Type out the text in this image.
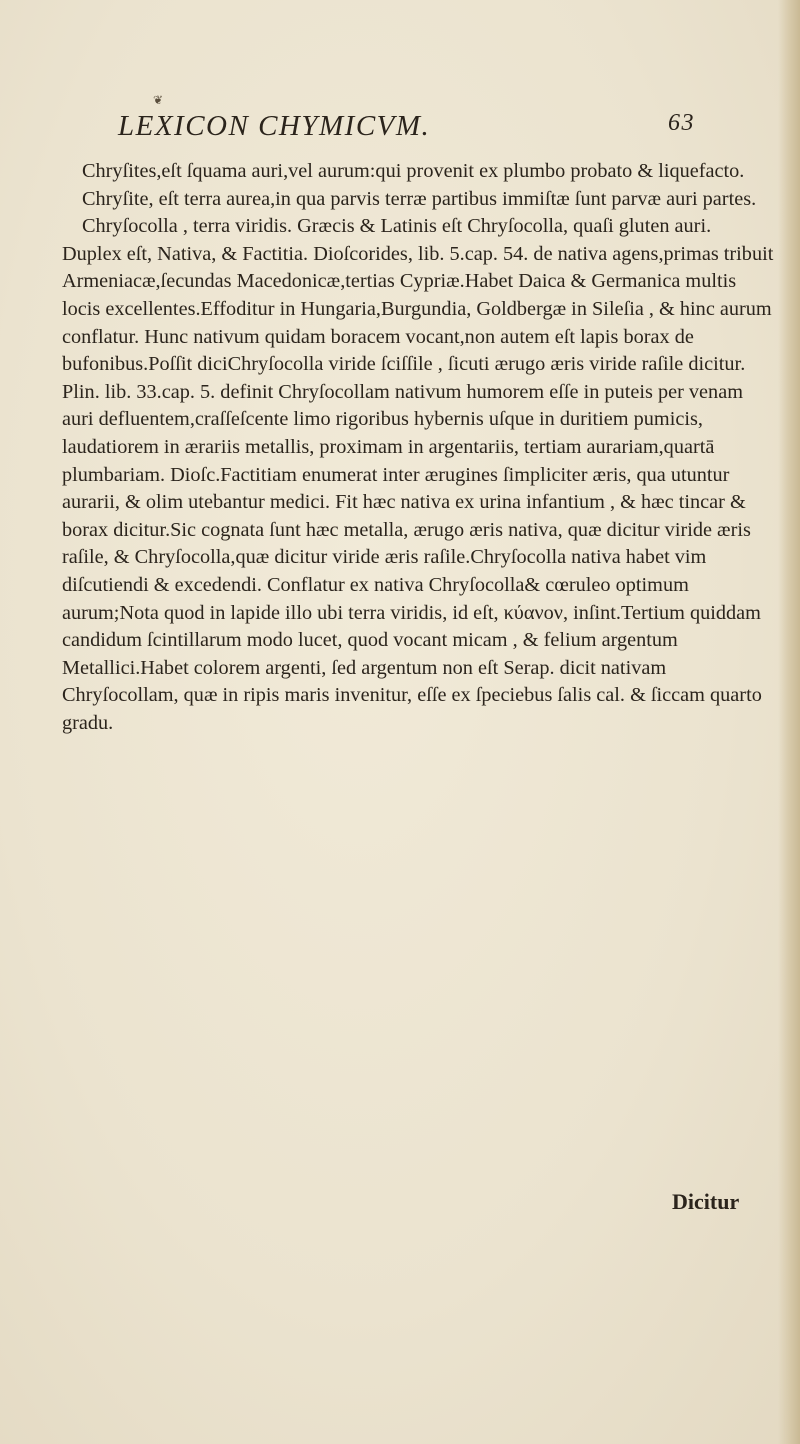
❦
LEXICON CHYMICVM.	63

Chryſites,eſt ſquama auri,vel aurum:qui provenit ex plumbo probato & liquefacto.

Chryſite, eſt terra aurea,in qua parvis terræ partibus immiſtæ ſunt parvæ auri partes.

Chryſocolla , terra viridis. Græcis & Latinis eſt Chryſocolla, quaſi gluten auri. Duplex eſt, Nativa, & Factitia. Dioſcorides, lib. 5.cap. 54. de nativa agens,primas tribuit Armeniacæ,ſecundas Macedonicæ,tertias Cypriæ.Habet Daica & Germanica multis locis excellentes.Effoditur in Hungaria,Burgundia, Goldbergæ in Sileſia , & hinc aurum conflatur. Hunc nativum quidam boracem vocant,non autem eſt lapis borax de bufonibus.Poſſit diciChryſocolla viride ſciſſile , ſicuti ærugo æris viride raſile dicitur. Plin. lib. 33.cap. 5. definit Chryſocollam nativum humorem eſſe in puteis per venam auri defluentem,craſſeſcente limo rigoribus hybernis uſque in duritiem pumicis, laudatiorem in ærariis metallis, proximam in argentariis, tertiam aurariam,quartā plumbariam. Dioſc.Factitiam enumerat inter ærugines ſimpliciter æris, qua utuntur aurarii, & olim utebantur medici. Fit hæc nativa ex urina infantium , & hæc tincar & borax dicitur.Sic cognata ſunt hæc metalla, ærugo æris nativa, quæ dicitur viride æris raſile, & Chryſocolla,quæ dicitur viride æris raſile.Chryſocolla nativa habet vim diſcutiendi & excedendi. Conflatur ex nativa Chryſocolla& cœruleo optimum aurum;Nota quod in lapide illo ubi terra viridis, id eſt, κύανον, inſint.Tertium quiddam candidum ſcintillarum modo lucet, quod vocant micam , & felium argentum Metallici.Habet colorem argenti, ſed argentum non eſt Serap. dicit nativam Chryſocollam, quæ in ripis maris invenitur, eſſe ex ſpeciebus ſalis cal. & ſiccam quarto gradu.

Dicitur
